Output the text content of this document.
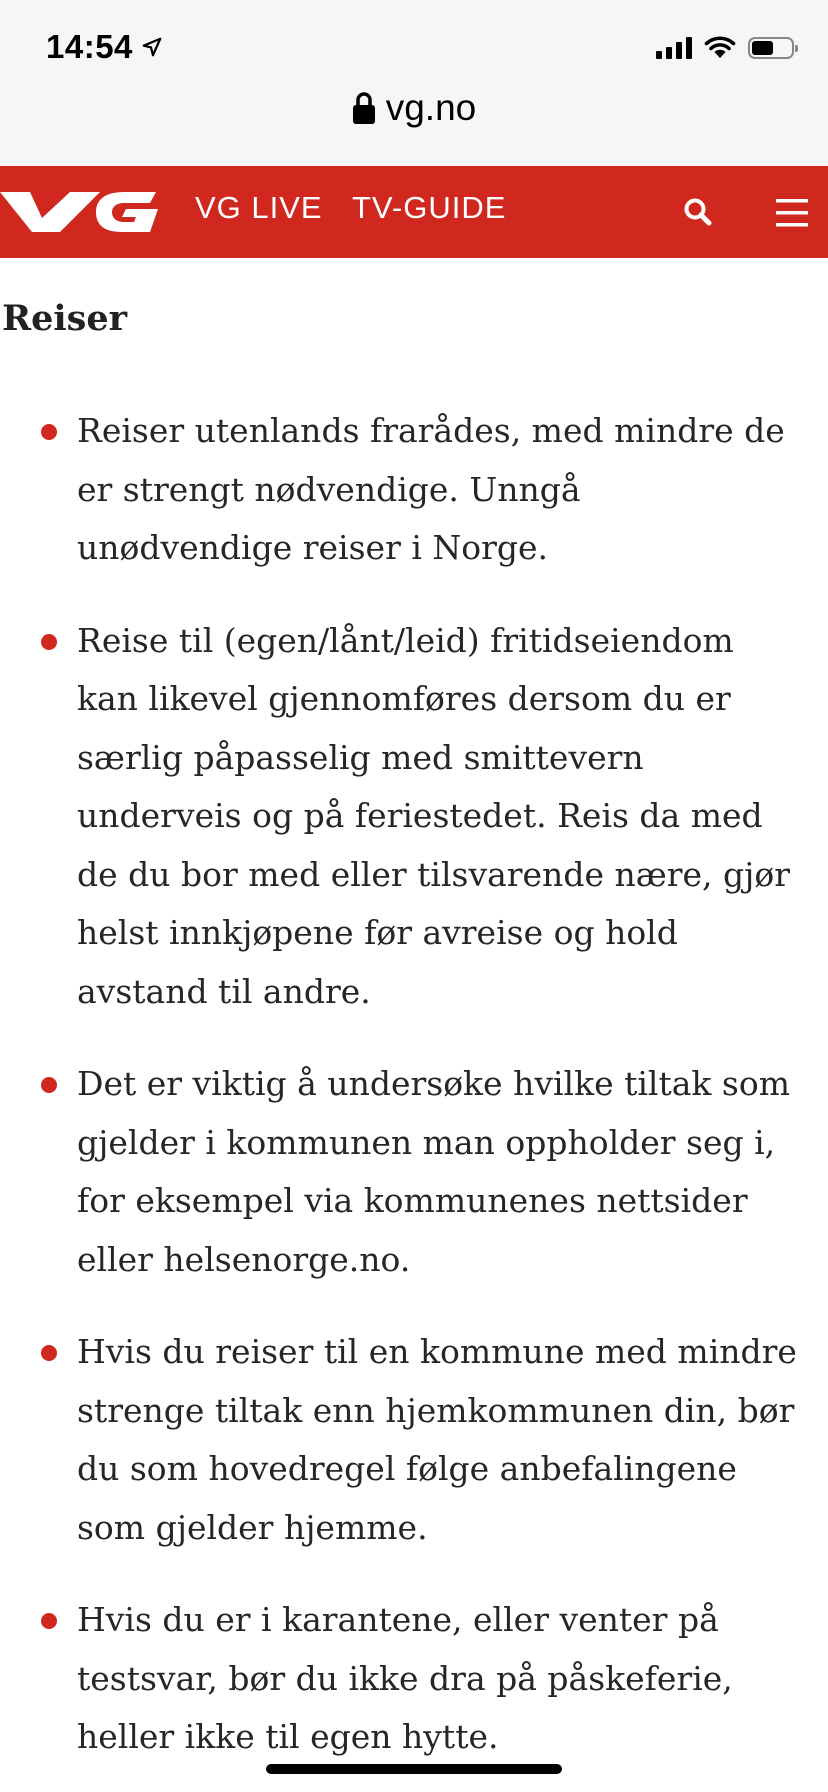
14:54
vg.no
VG LIVE TV-GUIDE
Reiser
Reiser utenlands frarådes, med mindre de er strengt nødvendige. Unngå unødvendige reiser i Norge.
Reise til (egen/lånt/leid) fritidseiendom kan likevel gjennomføres dersom du er særlig påpasselig med smittevern underveis og på feriestedet. Reis da med de du bor med eller tilsvarende nære, gjør helst innkjøpene før avreise og hold avstand til andre.
Det er viktig å undersøke hvilke tiltak som gjelder i kommunen man oppholder seg i, for eksempel via kommunenes nettsider eller helsenorge.no.
Hvis du reiser til en kommune med mindre strenge tiltak enn hjemkommunen din, bør du som hovedregel følge anbefalingene som gjelder hjemme.
Hvis du er i karantene, eller venter på testsvar, bør du ikke dra på påskeferie, heller ikke til egen hytte.
